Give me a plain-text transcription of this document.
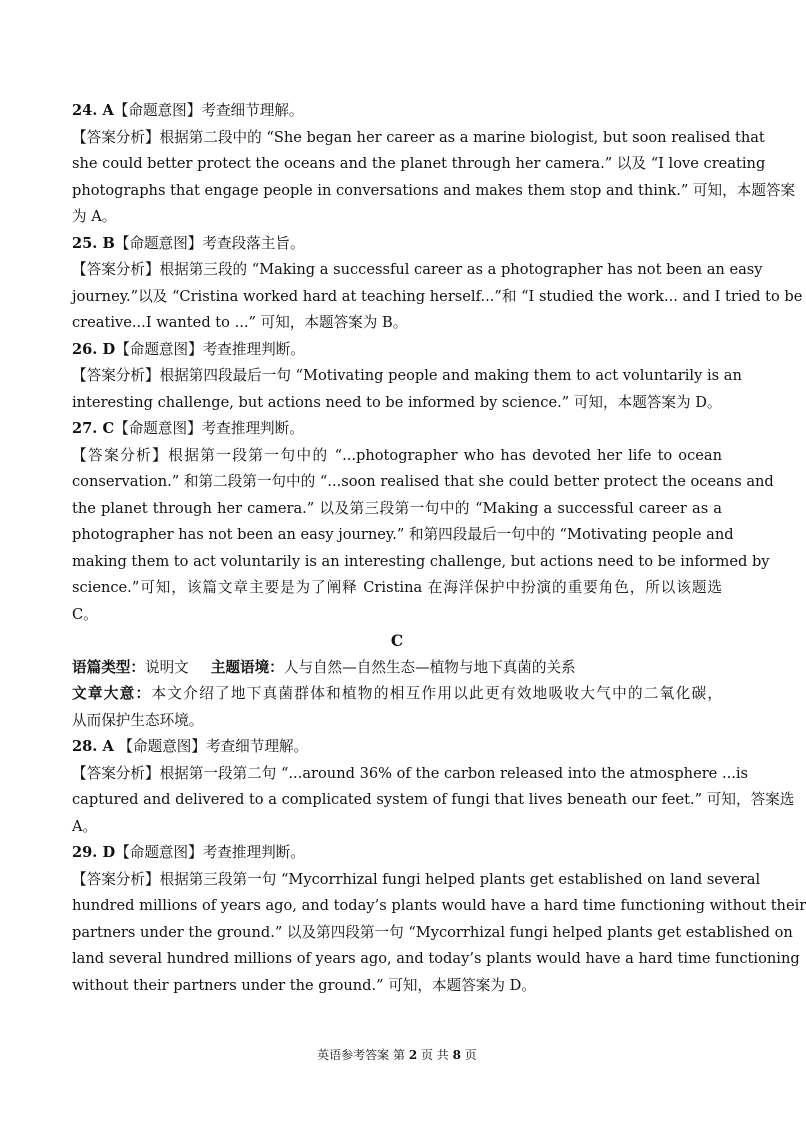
24. A【命题意图】考查细节理解。
【答案分析】根据第二段中的 “She began her career as a marine biologist, but soon realised that
she could better protect the oceans and the planet through her camera.” 以及 “I love creating
photographs that engage people in conversations and makes them stop and think.” 可知，本题答案
为 A。
25. B【命题意图】考查段落主旨。
【答案分析】根据第三段的 “Making a successful career as a photographer has not been an easy
journey.”以及 “Cristina worked hard at teaching herself...”和 “I studied the work... and I tried to be
creative...I wanted to ...” 可知，本题答案为 B。
26. D【命题意图】考查推理判断。
【答案分析】根据第四段最后一句 “Motivating people and making them to act voluntarily is an
interesting challenge, but actions need to be informed by science.” 可知，本题答案为 D。
27. C【命题意图】考查推理判断。
【答案分析】根据第一段第一句中的 “...photographer who has devoted her life to ocean
conservation.” 和第二段第一句中的 “...soon realised that she could better protect the oceans and
the planet through her camera.” 以及第三段第一句中的 “Making a successful career as a
photographer has not been an easy journey.” 和第四段最后一句中的 “Motivating people and
making them to act voluntarily is an interesting challenge, but actions need to be informed by
science.”可知，该篇文章主要是为了阐释 Cristina 在海洋保护中扮演的重要角色，所以该题选
C。
C
语篇类型：说明文 主题语境：人与自然—自然生态—植物与地下真菌的关系
文章大意：本文介绍了地下真菌群体和植物的相互作用以此更有效地吸收大气中的二氧化碳，
从而保护生态环境。
28. A 【命题意图】考查细节理解。
【答案分析】根据第一段第二句 “...around 36% of the carbon released into the atmosphere ...is
captured and delivered to a complicated system of fungi that lives beneath our feet.” 可知，答案选
A。
29. D【命题意图】考查推理判断。
【答案分析】根据第三段第一句 “Mycorrhizal fungi helped plants get established on land several
hundred millions of years ago, and today’s plants would have a hard time functioning without their
partners under the ground.” 以及第四段第一句 “Mycorrhizal fungi helped plants get established on
land several hundred millions of years ago, and today’s plants would have a hard time functioning
without their partners under the ground.” 可知，本题答案为 D。
英语参考答案 第 2 页 共 8 页
